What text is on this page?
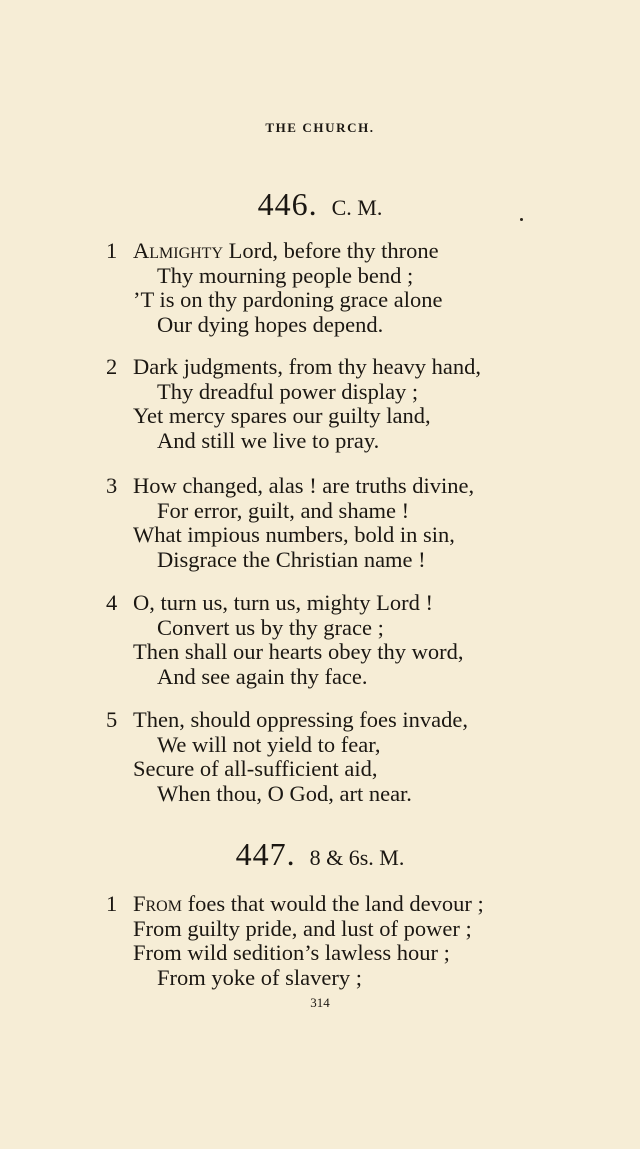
THE CHURCH.
446. C. M.
1 Almighty Lord, before thy throne
Thy mourning people bend ;
’T is on thy pardoning grace alone
Our dying hopes depend.
2 Dark judgments, from thy heavy hand,
Thy dreadful power display ;
Yet mercy spares our guilty land,
And still we live to pray.
3 How changed, alas ! are truths divine,
For error, guilt, and shame !
What impious numbers, bold in sin,
Disgrace the Christian name !
4 O, turn us, turn us, mighty Lord !
Convert us by thy grace ;
Then shall our hearts obey thy word,
And see again thy face.
5 Then, should oppressing foes invade,
We will not yield to fear,
Secure of all-sufficient aid,
When thou, O God, art near.
447. 8 & 6s. M.
1 From foes that would the land devour ;
From guilty pride, and lust of power ;
From wild sedition’s lawless hour ;
From yoke of slavery ;
314
